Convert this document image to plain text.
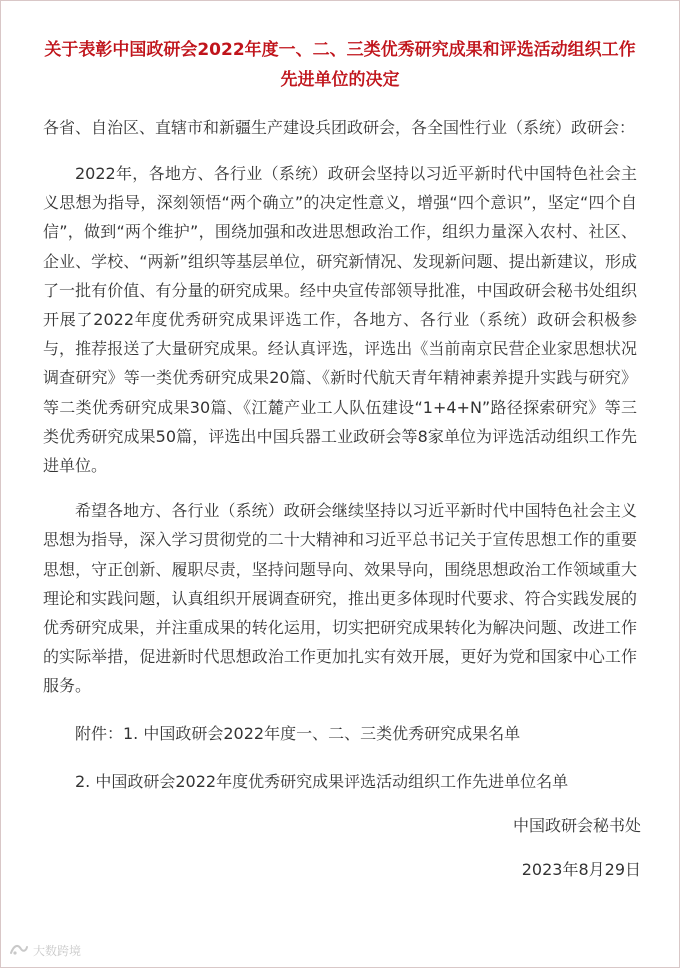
关于表彰中国政研会2022年度一、二、三类优秀研究成果和评选活动组织工作先进单位的决定

各省、自治区、直辖市和新疆生产建设兵团政研会，各全国性行业（系统）政研会：

2022年，各地方、各行业（系统）政研会坚持以习近平新时代中国特色社会主义思想为指导，深刻领悟“两个确立”的决定性意义，增强“四个意识”，坚定“四个自信”，做到“两个维护”，围绕加强和改进思想政治工作，组织力量深入农村、社区、企业、学校、“两新”组织等基层单位，研究新情况、发现新问题、提出新建议，形成了一批有价值、有分量的研究成果。经中央宣传部领导批准，中国政研会秘书处组织开展了2022年度优秀研究成果评选工作，各地方、各行业（系统）政研会积极参与，推荐报送了大量研究成果。经认真评选，评选出《当前南京民营企业家思想状况调查研究》等一类优秀研究成果20篇、《新时代航天青年精神素养提升实践与研究》等二类优秀研究成果30篇、《江麓产业工人队伍建设“1+4+N”路径探索研究》等三类优秀研究成果50篇，评选出中国兵器工业政研会等8家单位为评选活动组织工作先进单位。

希望各地方、各行业（系统）政研会继续坚持以习近平新时代中国特色社会主义思想为指导，深入学习贯彻党的二十大精神和习近平总书记关于宣传思想工作的重要思想，守正创新、履职尽责，坚持问题导向、效果导向，围绕思想政治工作领域重大理论和实践问题，认真组织开展调查研究，推出更多体现时代要求、符合实践发展的优秀研究成果，并注重成果的转化运用，切实把研究成果转化为解决问题、改进工作的实际举措，促进新时代思想政治工作更加扎实有效开展，更好为党和国家中心工作服务。

附件：1. 中国政研会2022年度一、二、三类优秀研究成果名单

2. 中国政研会2022年度优秀研究成果评选活动组织工作先进单位名单

中国政研会秘书处

2023年8月29日

大数跨境
